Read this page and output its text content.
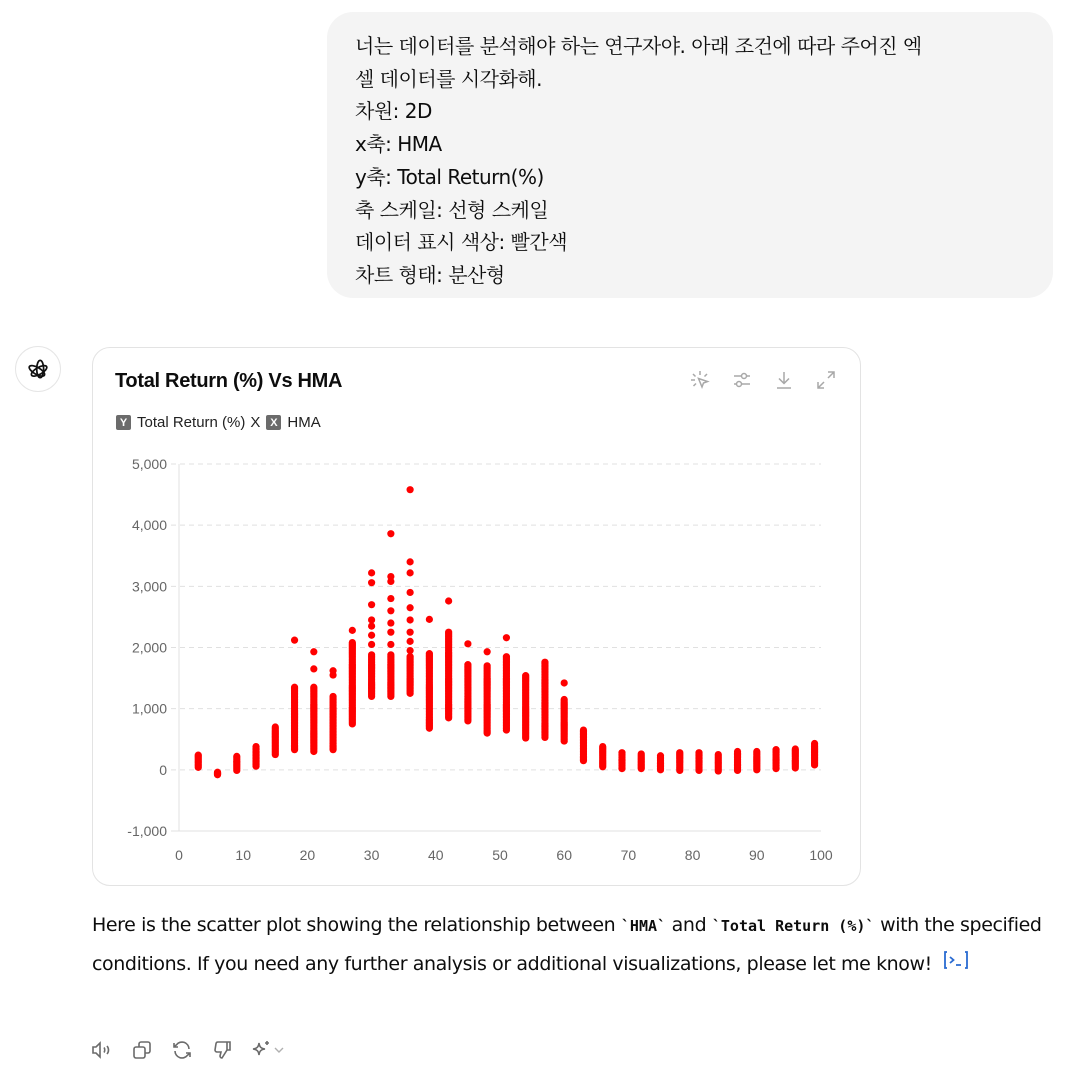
너는 데이터를 분석해야 하는 연구자야. 아래 조건에 따라 주어진 엑
셀 데이터를 시각화해.
차원: 2D
x축: HMA
y축: Total Return(%)
축 스케일: 선형 스케일
데이터 표시 색상: 빨간색
차트 형태: 분산형
Total Return (%) Vs HMA
Y Total Return (%) X X HMA
-1,000
0
1,000
2,000
3,000
4,000
5,000
0	10	20	30	40	50	60	70	80	90	100
Here is the scatter plot showing the relationship between `HMA` and `Total Return (%)` with the specified conditions. If you need any further analysis or additional visualizations, please let me know!
